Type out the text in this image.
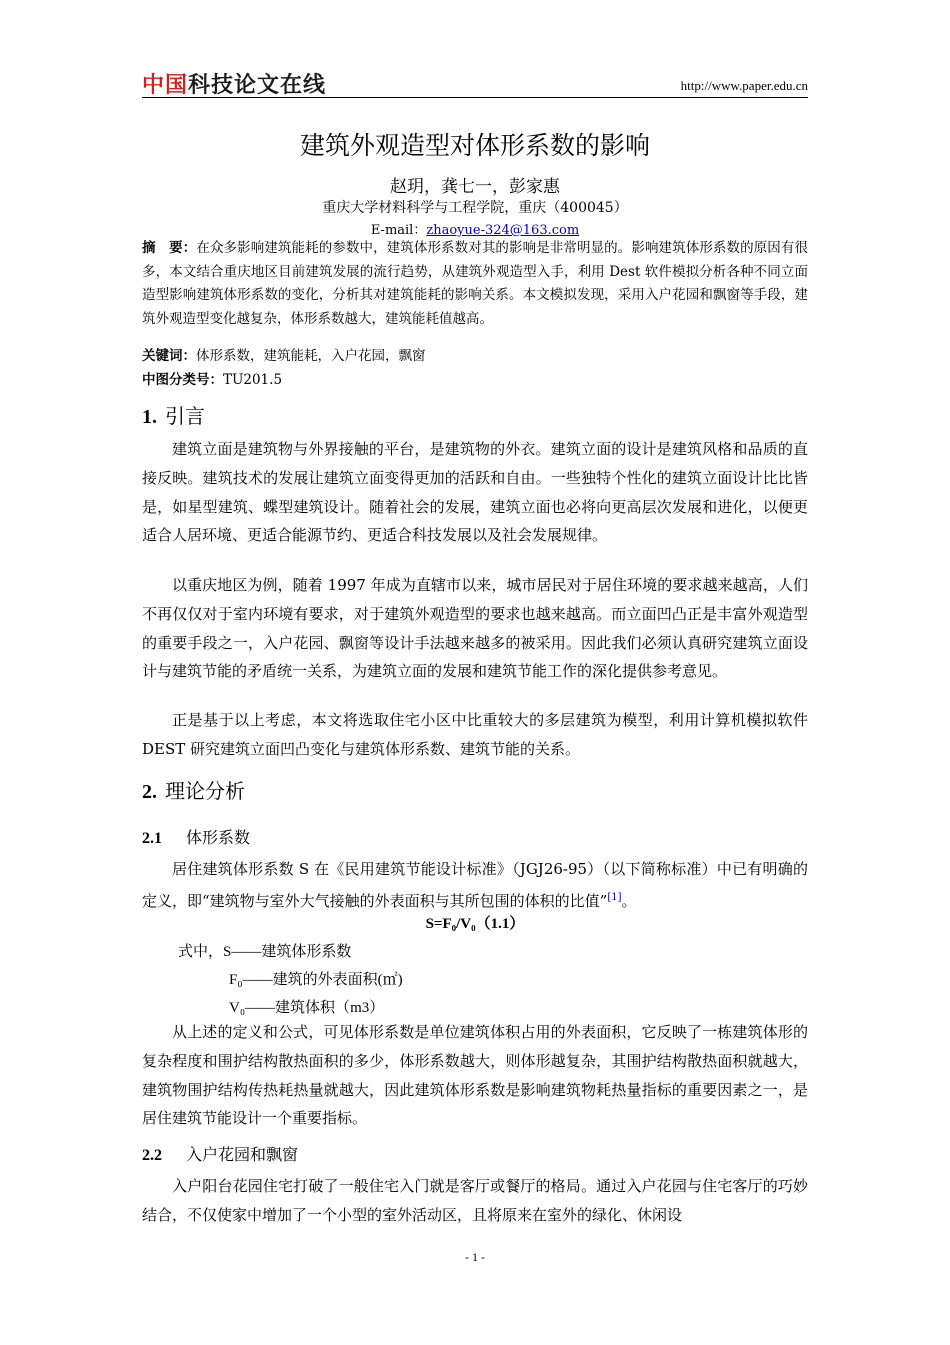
中国科技论文在线	http://www.paper.edu.cn
建筑外观造型对体形系数的影响
赵玥，龚七一，彭家惠
重庆大学材料科学与工程学院，重庆（400045）
E-mail：zhaoyue-324@163.com
摘　要：在众多影响建筑能耗的参数中，建筑体形系数对其的影响是非常明显的。影响建筑体形系数的原因有很多，本文结合重庆地区目前建筑发展的流行趋势，从建筑外观造型入手，利用 Dest 软件模拟分析各种不同立面造型影响建筑体形系数的变化，分析其对建筑能耗的影响关系。本文模拟发现，采用入户花园和飘窗等手段，建筑外观造型变化越复杂，体形系数越大，建筑能耗值越高。
关键词：体形系数，建筑能耗，入户花园，飘窗
中图分类号：TU201.5
1. 引言
建筑立面是建筑物与外界接触的平台，是建筑物的外衣。建筑立面的设计是建筑风格和品质的直接反映。建筑技术的发展让建筑立面变得更加的活跃和自由。一些独特个性化的建筑立面设计比比皆是，如星型建筑、蝶型建筑设计。随着社会的发展，建筑立面也必将向更高层次发展和进化，以便更适合人居环境、更适合能源节约、更适合科技发展以及社会发展规律。
以重庆地区为例，随着 1997 年成为直辖市以来，城市居民对于居住环境的要求越来越高，人们不再仅仅对于室内环境有要求，对于建筑外观造型的要求也越来越高。而立面凹凸正是丰富外观造型的重要手段之一，入户花园、飘窗等设计手法越来越多的被采用。因此我们必须认真研究建筑立面设计与建筑节能的矛盾统一关系，为建筑立面的发展和建筑节能工作的深化提供参考意见。
正是基于以上考虑，本文将选取住宅小区中比重较大的多层建筑为模型，利用计算机模拟软件 DEST 研究建筑立面凹凸变化与建筑体形系数、建筑节能的关系。
2. 理论分析
2.1 体形系数
居住建筑体形系数 S 在《民用建筑节能设计标准》（JGJ26-95）（以下简称标准）中已有明确的定义，即“建筑物与室外大气接触的外表面积与其所包围的体积的比值”[1]。
S=F₀/V₀（1.1）
式中，S——建筑体形系数
F₀——建筑的外表面积(㎡)
V₀——建筑体积（m3）
从上述的定义和公式，可见体形系数是单位建筑体积占用的外表面积，它反映了一栋建筑体形的复杂程度和围护结构散热面积的多少，体形系数越大，则体形越复杂，其围护结构散热面积就越大，建筑物围护结构传热耗热量就越大，因此建筑体形系数是影响建筑物耗热量指标的重要因素之一，是居住建筑节能设计一个重要指标。
2.2 入户花园和飘窗
入户阳台花园住宅打破了一般住宅入门就是客厅或餐厅的格局。通过入户花园与住宅客厅的巧妙结合，不仅使家中增加了一个小型的室外活动区，且将原来在室外的绿化、休闲设
- 1 -
